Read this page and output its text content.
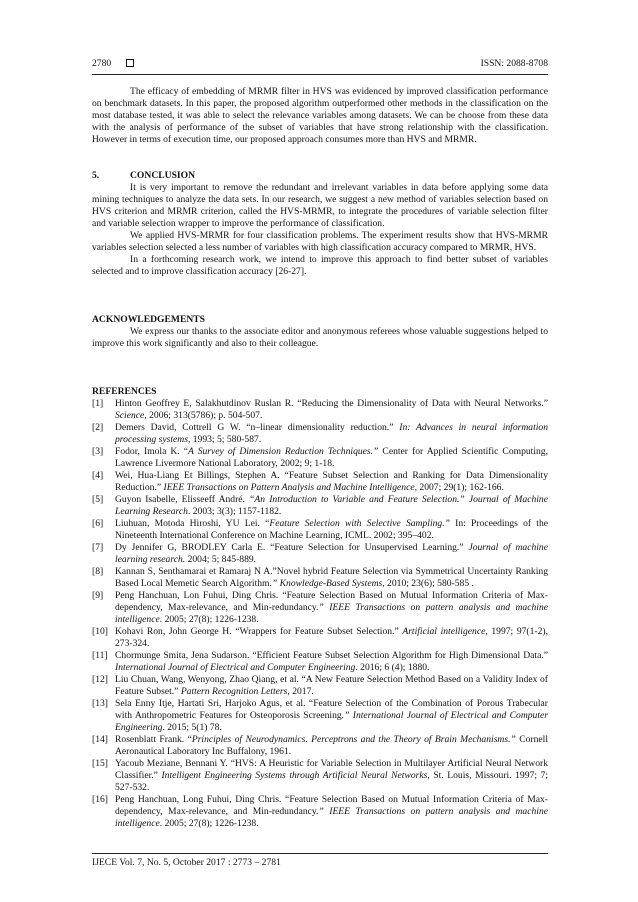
2780	ISSN: 2088-8708

The efficacy of embedding of MRMR filter in HVS was evidenced by improved classification performance on benchmark datasets. In this paper, the proposed algorithm outperformed other methods in the classification on the most database tested, it was able to select the relevance variables among datasets. We can be choose from these data with the analysis of performance of the subset of variables that have strong relationship with the classification. However in terms of execution time, our proposed approach consumes more than HVS and MRMR.

5.	CONCLUSION

It is very important to remove the redundant and irrelevant variables in data before applying some data mining techniques to analyze the data sets. In our research, we suggest a new method of variables selection based on HVS criterion and MRMR criterion, called the HVS-MRMR, to integrate the procedures of variable selection filter and variable selection wrapper to improve the performance of classification.

We applied HVS-MRMR for four classification problems. The experiment results show that HVS-MRMR variables selection selected a less number of variables with high classification accuracy compared to MRMR, HVS.

In a forthcoming research work, we intend to improve this approach to find better subset of variables selected and to improve classification accuracy [26-27].

ACKNOWLEDGEMENTS

We express our thanks to the associate editor and anonymous referees whose valuable suggestions helped to improve this work significantly and also to their colleague.

REFERENCES
[1] Hinton Geoffrey E, Salakhutdinov Ruslan R. “Reducing the Dimensionality of Data with Neural Networks.” Science, 2006; 313(5786); p. 504-507.
[2] Demers David, Cottrell G W. “n–linear dimensionality reduction.” In: Advances in neural information processing systems, 1993; 5; 580-587.
[3] Fodor, Imola K. “A Survey of Dimension Reduction Techniques.” Center for Applied Scientific Computing, Lawrence Livermore National Laboratory, 2002; 9; 1-18.
[4] Wei, Hua-Liang Et Billings, Stephen A. “Feature Subset Selection and Ranking for Data Dimensionality Reduction.” IEEE Transactions on Pattern Analysis and Machine Intelligence, 2007; 29(1); 162-166.
[5] Guyon Isabelle, Elisseeff André. “An Introduction to Variable and Feature Selection.” Journal of Machine Learning Research. 2003; 3(3); 1157-1182.
[6] Liuhuan, Motoda Hiroshi, YU Lei. “Feature Selection with Selective Sampling.” In: Proceedings of the Nineteenth International Conference on Machine Learning, ICML. 2002; 395–402.
[7] Dy Jennifer G, BRODLEY Carla E. “Feature Selection for Unsupervised Learning.” Journal of machine learning research. 2004; 5; 845-889.
[8] Kannan S, Senthamarai et Ramaraj N A.”Novel hybrid Feature Selection via Symmetrical Uncertainty Ranking Based Local Memetic Search Algorithm.” Knowledge-Based Systems, 2010; 23(6); 580-585 .
[9] Peng Hanchuan, Lon Fuhui, Ding Chris. “Feature Selection Based on Mutual Information Criteria of Max-dependency, Max-relevance, and Min-redundancy.” IEEE Transactions on pattern analysis and machine intelligence. 2005; 27(8); 1226-1238.
[10] Kohavi Ron, John George H. “Wrappers for Feature Subset Selection.” Artificial intelligence, 1997; 97(1-2), 273-324.
[11] Chormunge Smita, Jena Sudarson. “Efficient Feature Subset Selection Algorithm for High Dimensional Data.” International Journal of Electrical and Computer Engineering. 2016; 6 (4); 1880.
[12] Liu Chuan, Wang, Wenyong, Zhao Qiang, et al. “A New Feature Selection Method Based on a Validity Index of Feature Subset.” Pattern Recognition Letters, 2017.
[13] Sela Enny Itje, Hartati Sri, Harjoko Agus, et al. “Feature Selection of the Combination of Porous Trabecular with Anthropometric Features for Osteoporosis Screening.” International Journal of Electrical and Computer Engineering. 2015; 5(1) 78.
[14] Rosenblatt Frank. “Principles of Neurodynamics. Perceptrons and the Theory of Brain Mechanisms.” Cornell Aeronautical Laboratory Inc Buffalony, 1961.
[15] Yacoub Meziane, Bennani Y. “HVS: A Heuristic for Variable Selection in Multilayer Artificial Neural Network Classifier.” Intelligent Engineering Systems through Artificial Neural Networks, St. Louis, Missouri. 1997; 7; 527-532.
[16] Peng Hanchuan, Long Fuhui, Ding Chris. “Feature Selection Based on Mutual Information Criteria of Max-dependency, Max-relevance, and Min-redundancy.” IEEE Transactions on pattern analysis and machine intelligence. 2005; 27(8); 1226-1238.
IJECE Vol. 7, No. 5, October 2017 : 2773 – 2781
